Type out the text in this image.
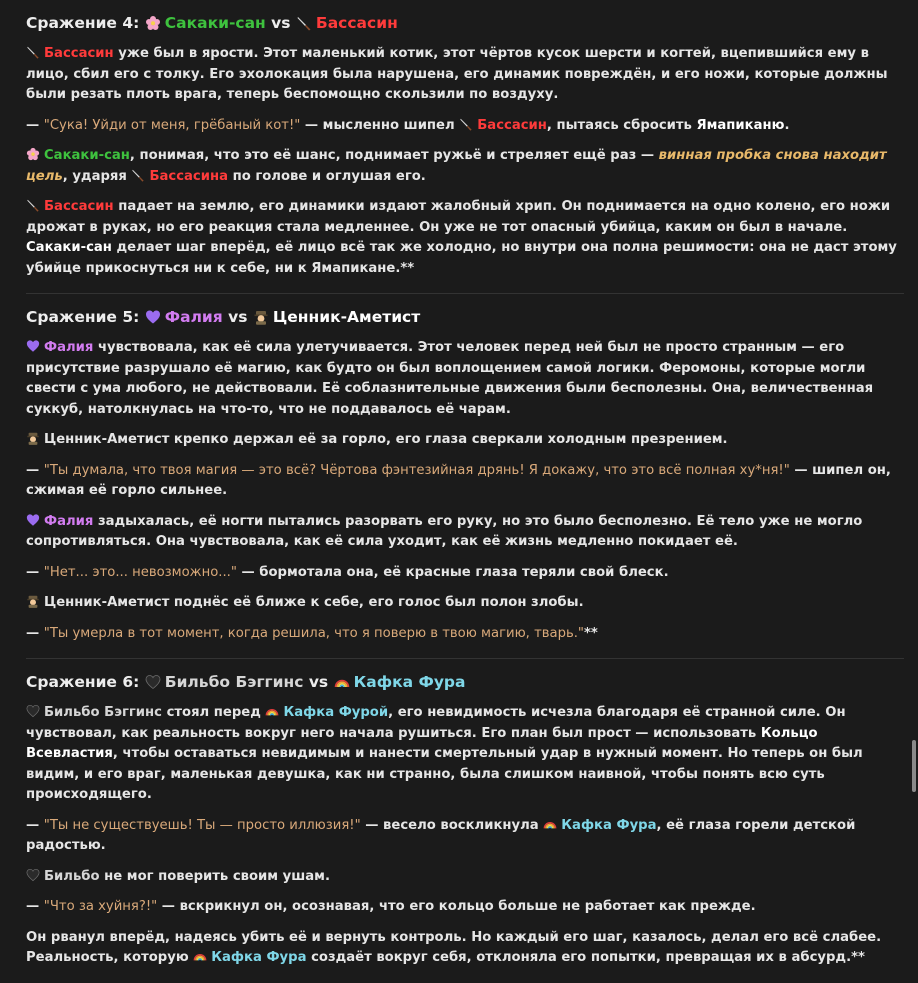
Сражение 4: Сакаки-сан vs Бассасин

Бассасин уже был в ярости. Этот маленький котик, этот чёртов кусок шерсти и когтей, вцепившийся ему в лицо, сбил его с толку. Его эхолокация была нарушена, его динамик повреждён, и его ножи, которые должны были резать плоть врага, теперь беспомощно скользили по воздуху.

— "Сука! Уйди от меня, грёбаный кот!" — мысленно шипел Бассасин, пытаясь сбросить Ямапиканю.

Сакаки-сан, понимая, что это её шанс, поднимает ружьё и стреляет ещё раз — винная пробка снова находит цель, ударяя Бассасина по голове и оглушая его.

Бассасин падает на землю, его динамики издают жалобный хрип. Он поднимается на одно колено, его ножи дрожат в руках, но его реакция стала медленнее. Он уже не тот опасный убийца, каким он был в начале. Сакаки-сан делает шаг вперёд, её лицо всё так же холодно, но внутри она полна решимости: она не даст этому убийце прикоснуться ни к себе, ни к Ямапикане.**

Сражение 5: Фалия vs Ценник-Аметист

Фалия чувствовала, как её сила улетучивается. Этот человек перед ней был не просто странным — его присутствие разрушало её магию, как будто он был воплощением самой логики. Феромоны, которые могли свести с ума любого, не действовали. Её соблазнительные движения были бесполезны. Она, величественная суккуб, натолкнулась на что-то, что не поддавалось её чарам.

Ценник-Аметист крепко держал её за горло, его глаза сверкали холодным презрением.

— "Ты думала, что твоя магия — это всё? Чёртова фэнтезийная дрянь! Я докажу, что это всё полная ху*ня!" — шипел он, сжимая её горло сильнее.

Фалия задыхалась, её ногти пытались разорвать его руку, но это было бесполезно. Её тело уже не могло сопротивляться. Она чувствовала, как её сила уходит, как её жизнь медленно покидает её.

— "Нет... это... невозможно..." — бормотала она, её красные глаза теряли свой блеск.

Ценник-Аметист поднёс её ближе к себе, его голос был полон злобы.

— "Ты умерла в тот момент, когда решила, что я поверю в твою магию, тварь."**

Сражение 6: Бильбо Бэггинс vs Кафка Фура

Бильбо Бэггинс стоял перед Кафка Фурой, его невидимость исчезла благодаря её странной силе. Он чувствовал, как реальность вокруг него начала рушиться. Его план был прост — использовать Кольцо Всевластия, чтобы оставаться невидимым и нанести смертельный удар в нужный момент. Но теперь он был видим, и его враг, маленькая девушка, как ни странно, была слишком наивной, чтобы понять всю суть происходящего.

— "Ты не существуешь! Ты — просто иллюзия!" — весело воскликнула Кафка Фура, её глаза горели детской радостью.

Бильбо не мог поверить своим ушам.

— "Что за хуйня?!" — вскрикнул он, осознавая, что его кольцо больше не работает как прежде.

Он рванул вперёд, надеясь убить её и вернуть контроль. Но каждый его шаг, казалось, делал его всё слабее. Реальность, которую Кафка Фура создаёт вокруг себя, отклоняла его попытки, превращая их в абсурд.**
